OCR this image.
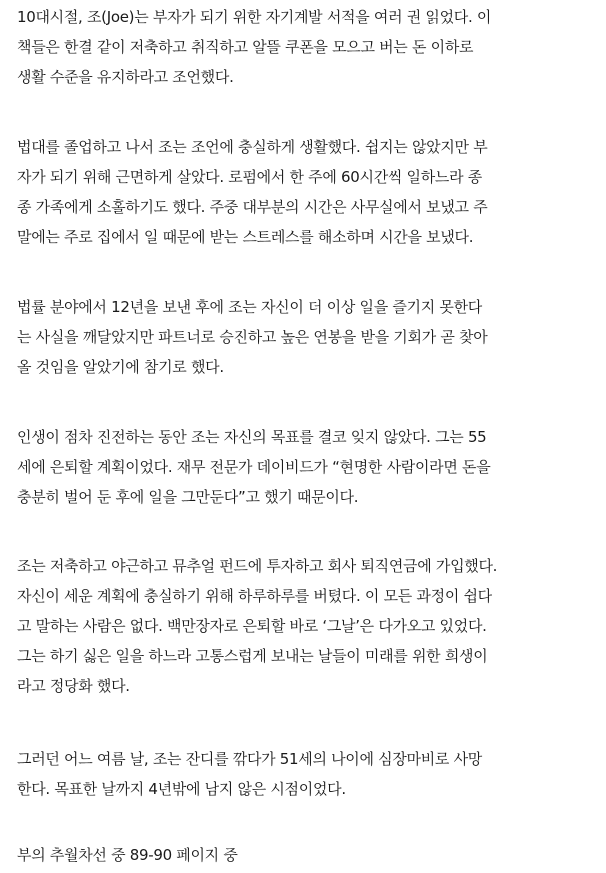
10대시절, 조(Joe)는 부자가 되기 위한 자기계발 서적을 여러 권 읽었다. 이
책들은 한결 같이 저축하고 취직하고 알뜰 쿠폰을 모으고 버는 돈 이하로
생활 수준을 유지하라고 조언했다.
법대를 졸업하고 나서 조는 조언에 충실하게 생활했다. 쉽지는 않았지만 부
자가 되기 위해 근면하게 살았다. 로펌에서 한 주에 60시간씩 일하느라 종
종 가족에게 소홀하기도 했다. 주중 대부분의 시간은 사무실에서 보냈고 주
말에는 주로 집에서 일 때문에 받는 스트레스를 해소하며 시간을 보냈다.
법률 분야에서 12년을 보낸 후에 조는 자신이 더 이상 일을 즐기지 못한다
는 사실을 깨달았지만 파트너로 승진하고 높은 연봉을 받을 기회가 곧 찾아
올 것임을 알았기에 참기로 했다.
인생이 점차 진전하는 동안 조는 자신의 목표를 결코 잊지 않았다. 그는 55
세에 은퇴할 계획이었다. 재무 전문가 데이비드가 “현명한 사람이라면 돈을
충분히 벌어 둔 후에 일을 그만둔다”고 했기 때문이다.
조는 저축하고 야근하고 뮤추얼 펀드에 투자하고 회사 퇴직연금에 가입했다.
자신이 세운 계획에 충실하기 위해 하루하루를 버텼다. 이 모든 과정이 쉽다
고 말하는 사람은 없다. 백만장자로 은퇴할 바로 ‘그날’은 다가오고 있었다.
그는 하기 싫은 일을 하느라 고통스럽게 보내는 날들이 미래를 위한 희생이
라고 정당화 했다.
그러던 어느 여름 날, 조는 잔디를 깎다가 51세의 나이에 심장마비로 사망
한다. 목표한 날까지 4년밖에 남지 않은 시점이었다.
부의 추월차선 중 89-90 페이지 중
